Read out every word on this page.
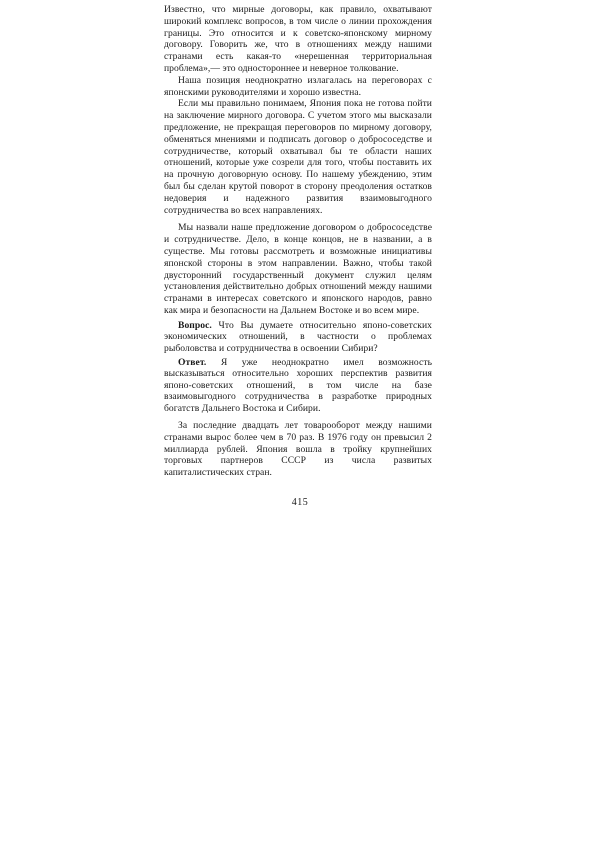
Известно, что мирные договоры, как правило, охватывают широкий комплекс вопросов, в том числе о линии прохождения границы. Это относится и к советско-японскому мирному договору. Говорить же, что в отношениях между нашими странами есть какая-то «нерешенная территориальная проблема»,— это одностороннее и неверное толкование.

Наша позиция неоднократно излагалась на переговорах с японскими руководителями и хорошо известна.

Если мы правильно понимаем, Япония пока не готова пойти на заключение мирного договора. С учетом этого мы высказали предложение, не прекращая переговоров по мирному договору, обменяться мнениями и подписать договор о добрососедстве и сотрудничестве, который охватывал бы те области наших отношений, которые уже созрели для того, чтобы поставить их на прочную договорную основу. По нашему убеждению, этим был бы сделан крутой поворот в сторону преодоления остатков недоверия и надежного развития взаимовыгодного сотрудничества во всех направлениях.

Мы назвали наше предложение договором о добрососедстве и сотрудничестве. Дело, в конце концов, не в названии, а в существе. Мы готовы рассмотреть и возможные инициативы японской стороны в этом направлении. Важно, чтобы такой двусторонний государственный документ служил целям установления действительно добрых отношений между нашими странами в интересах советского и японского народов, равно как мира и безопасности на Дальнем Востоке и во всем мире.

Вопрос. Что Вы думаете относительно японо-советских экономических отношений, в частности о проблемах рыболовства и сотрудничества в освоении Сибири?

Ответ. Я уже неоднократно имел возможность высказываться относительно хороших перспектив развития японо-советских отношений, в том числе на базе взаимовыгодного сотрудничества в разработке природных богатств Дальнего Востока и Сибири.

За последние двадцать лет товарооборот между нашими странами вырос более чем в 70 раз. В 1976 году он превысил 2 миллиарда рублей. Япония вошла в тройку крупнейших торговых партнеров СССР из числа развитых капиталистических стран.

415
